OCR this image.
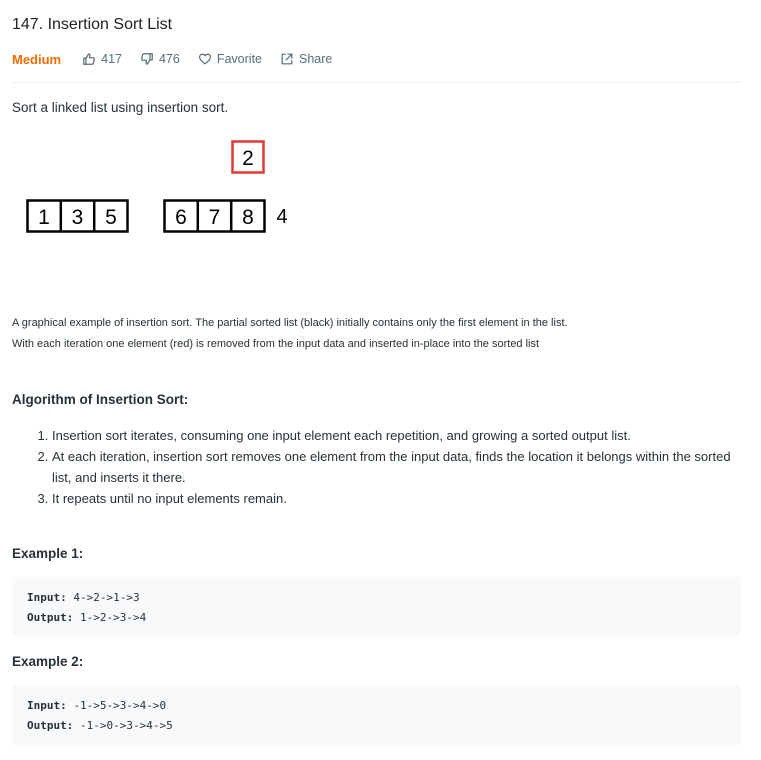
147. Insertion Sort List
Medium	417	476	Favorite	Share
Sort a linked list using insertion sort.
2
1 3 5	6 7 8 4
A graphical example of insertion sort. The partial sorted list (black) initially contains only the first element in the list.
With each iteration one element (red) is removed from the input data and inserted in-place into the sorted list
Algorithm of Insertion Sort:
1. Insertion sort iterates, consuming one input element each repetition, and growing a sorted output list.
2. At each iteration, insertion sort removes one element from the input data, finds the location it belongs within the sorted list, and inserts it there.
3. It repeats until no input elements remain.
Example 1:
Input: 4->2->1->3
Output: 1->2->3->4
Example 2:
Input: -1->5->3->4->0
Output: -1->0->3->4->5
